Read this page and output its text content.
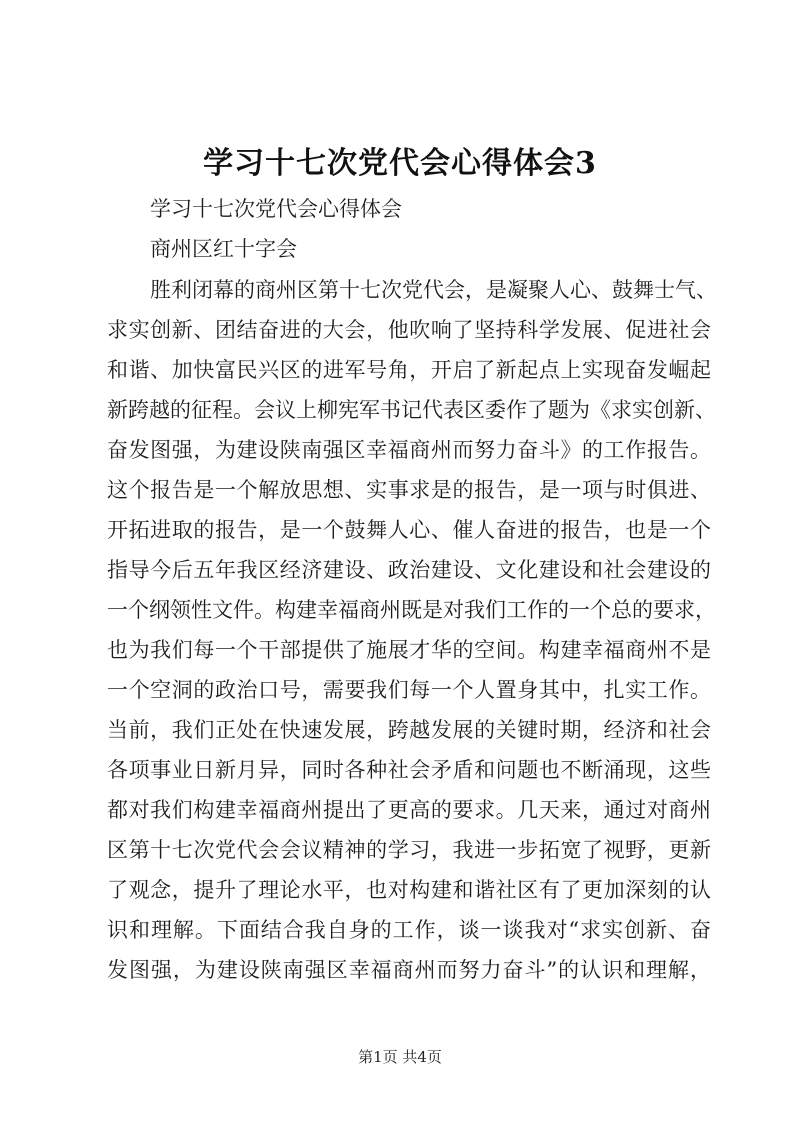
学习十七次党代会心得体会3
学习十七次党代会心得体会
商州区红十字会
胜利闭幕的商州区第十七次党代会，是凝聚人心、鼓舞士气、
求实创新、团结奋进的大会，他吹响了坚持科学发展、促进社会
和谐、加快富民兴区的进军号角，开启了新起点上实现奋发崛起
新跨越的征程。会议上柳宪军书记代表区委作了题为《求实创新、
奋发图强，为建设陕南强区幸福商州而努力奋斗》的工作报告。
这个报告是一个解放思想、实事求是的报告，是一项与时俱进、
开拓进取的报告，是一个鼓舞人心、催人奋进的报告，也是一个
指导今后五年我区经济建设、政治建设、文化建设和社会建设的
一个纲领性文件。构建幸福商州既是对我们工作的一个总的要求，
也为我们每一个干部提供了施展才华的空间。构建幸福商州不是
一个空洞的政治口号，需要我们每一个人置身其中，扎实工作。
当前，我们正处在快速发展，跨越发展的关键时期，经济和社会
各项事业日新月异，同时各种社会矛盾和问题也不断涌现，这些
都对我们构建幸福商州提出了更高的要求。几天来，通过对商州
区第十七次党代会会议精神的学习，我进一步拓宽了视野，更新
了观念，提升了理论水平，也对构建和谐社区有了更加深刻的认
识和理解。下面结合我自身的工作，谈一谈我对“求实创新、奋
发图强，为建设陕南强区幸福商州而努力奋斗”的认识和理解，
第1页 共4页
